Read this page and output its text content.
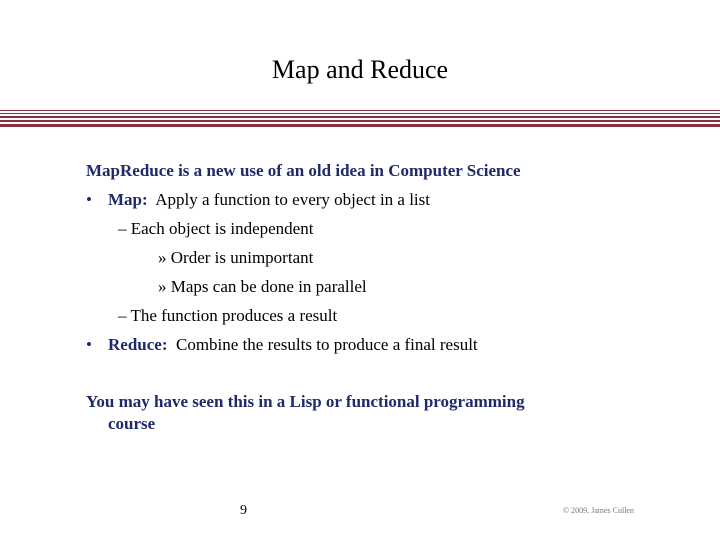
Map and Reduce
MapReduce is a new use of an old idea in Computer Science
• Map: Apply a function to every object in a list
– Each object is independent
» Order is unimportant
» Maps can be done in parallel
– The function produces a result
• Reduce: Combine the results to produce a final result
You may have seen this in a Lisp or functional programming
course
9	© 2009, James Cullen
